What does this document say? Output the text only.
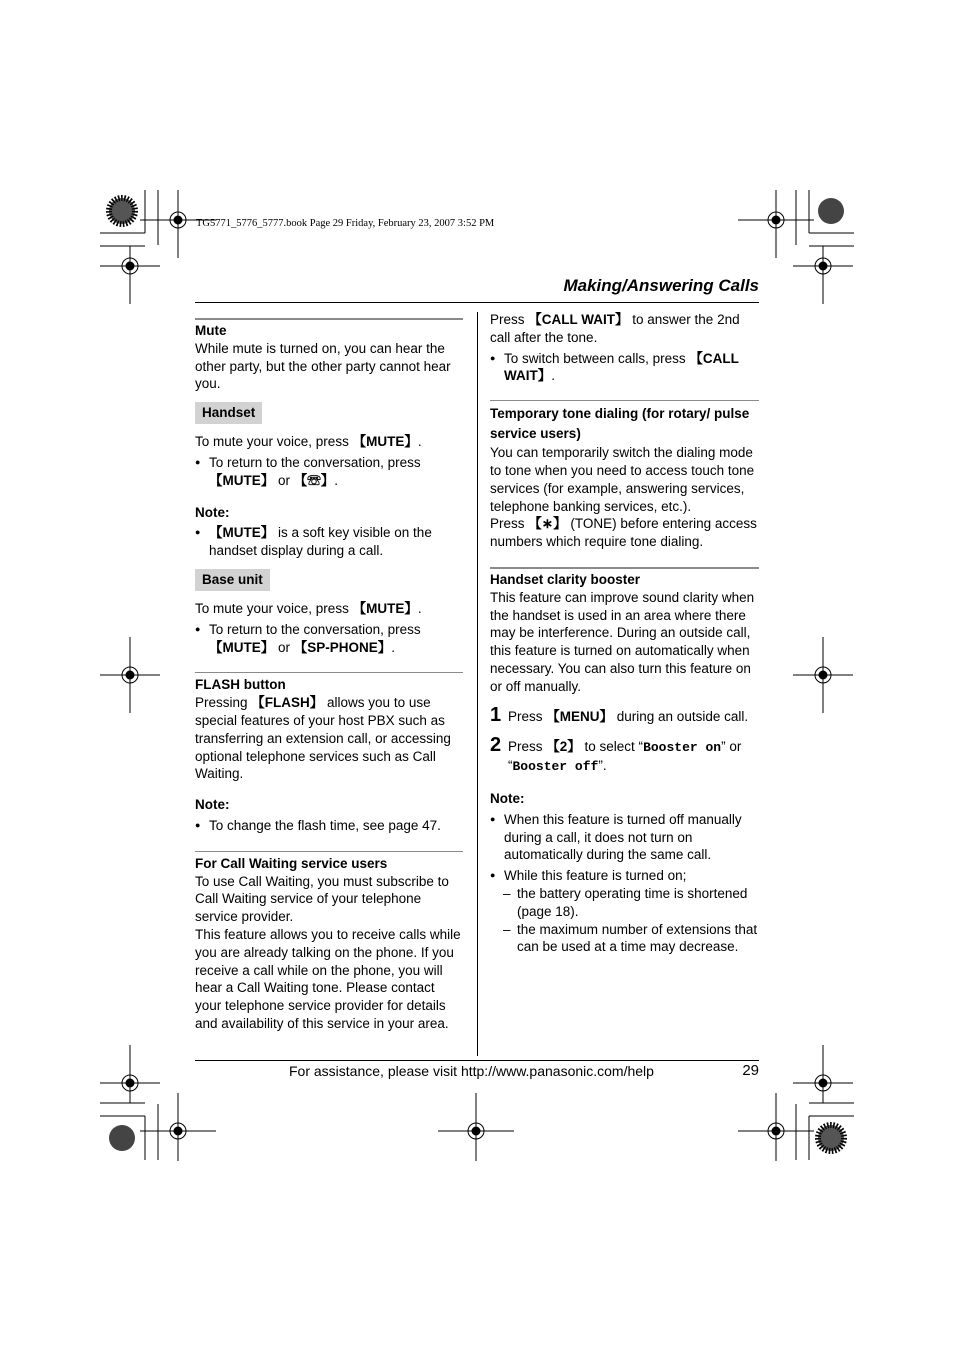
TG5771_5776_5777.book Page 29 Friday, February 23, 2007 3:52 PM
Making/Answering Calls

Mute

While mute is turned on, you can hear the other party, but the other party cannot hear you.

Handset

To mute your voice, press 【MUTE】.

● To return to the conversation, press 【MUTE】 or 【☏】.

Note:

● 【MUTE】 is a soft key visible on the handset display during a call.

Base unit

To mute your voice, press 【MUTE】.

● To return to the conversation, press 【MUTE】 or 【SP-PHONE】.

FLASH button

Pressing 【FLASH】 allows you to use special features of your host PBX such as transferring an extension call, or accessing optional telephone services such as Call Waiting.

Note:

● To change the flash time, see page 47.

For Call Waiting service users

To use Call Waiting, you must subscribe to Call Waiting service of your telephone service provider.

This feature allows you to receive calls while you are already talking on the phone. If you receive a call while on the phone, you will hear a Call Waiting tone. Please contact your telephone service provider for details and availability of this service in your area.

Press 【CALL WAIT】 to answer the 2nd call after the tone.

● To switch between calls, press 【CALL WAIT】.

Temporary tone dialing (for rotary/ pulse service users)

You can temporarily switch the dialing mode to tone when you need to access touch tone services (for example, answering services, telephone banking services, etc.).

Press 【∗】 (TONE) before entering access numbers which require tone dialing.

Handset clarity booster

This feature can improve sound clarity when the handset is used in an area where there may be interference. During an outside call, this feature is turned on automatically when necessary. You can also turn this feature on or off manually.

1 Press 【MENU】 during an outside call.

2 Press 【2】 to select “Booster on” or “Booster off”.

Note:

● When this feature is turned off manually during a call, it does not turn on automatically during the same call.

● While this feature is turned on;

– the battery operating time is shortened (page 18).

– the maximum number of extensions that can be used at a time may decrease.

For assistance, please visit http://www.panasonic.com/help	29
